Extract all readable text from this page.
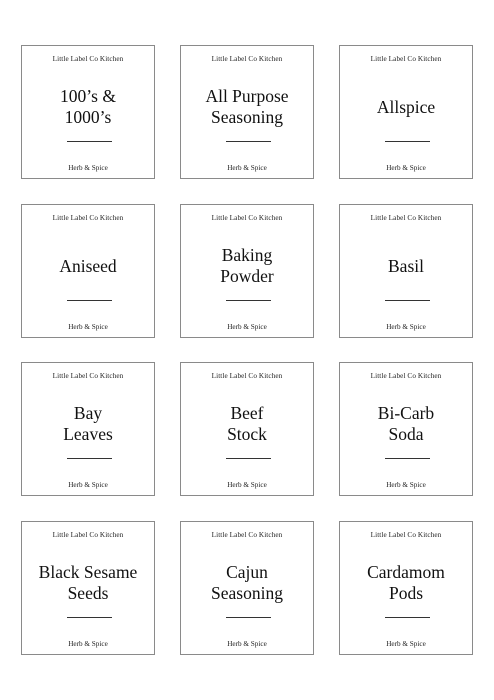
Little Label Co Kitchen
100’s &
1000’s
Herb & Spice
Little Label Co Kitchen
All Purpose
Seasoning
Herb & Spice
Little Label Co Kitchen
Allspice
Herb & Spice
Little Label Co Kitchen
Aniseed
Herb & Spice
Little Label Co Kitchen
Baking
Powder
Herb & Spice
Little Label Co Kitchen
Basil
Herb & Spice
Little Label Co Kitchen
Bay
Leaves
Herb & Spice
Little Label Co Kitchen
Beef
Stock
Herb & Spice
Little Label Co Kitchen
Bi-Carb
Soda
Herb & Spice
Little Label Co Kitchen
Black Sesame
Seeds
Herb & Spice
Little Label Co Kitchen
Cajun
Seasoning
Herb & Spice
Little Label Co Kitchen
Cardamom
Pods
Herb & Spice
